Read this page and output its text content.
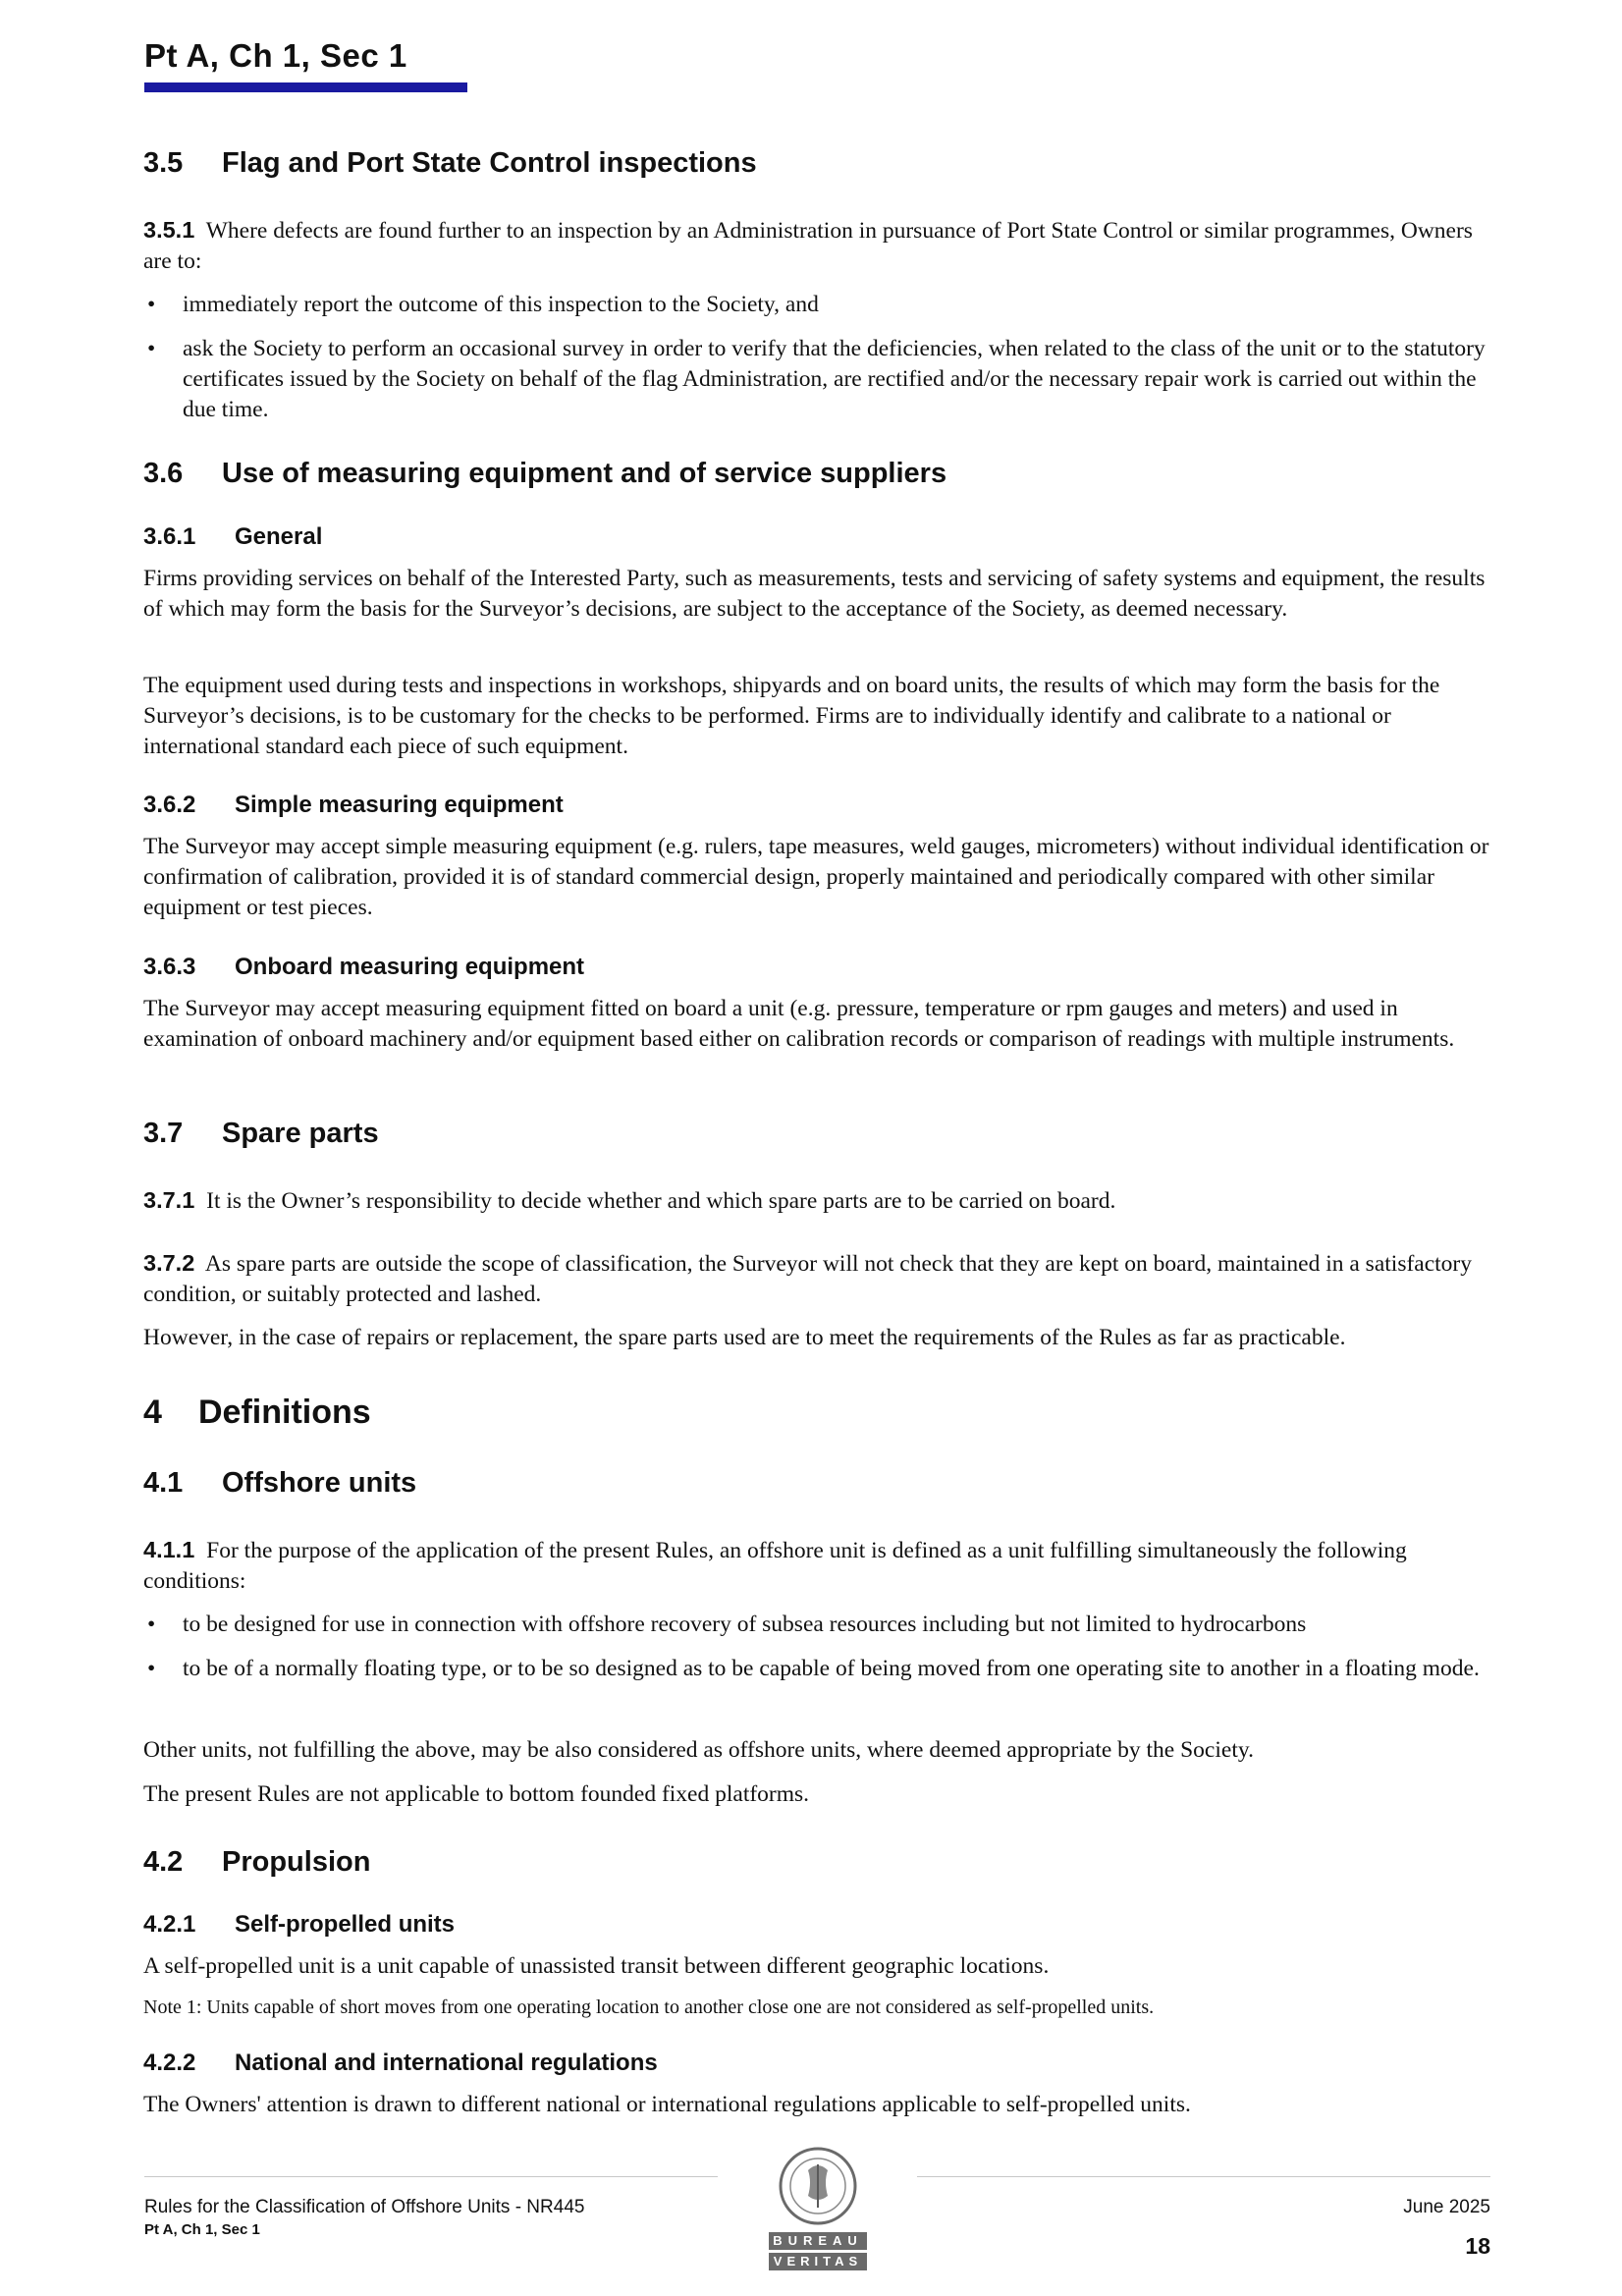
Pt A, Ch 1, Sec 1
3.5 Flag and Port State Control inspections
3.5.1 Where defects are found further to an inspection by an Administration in pursuance of Port State Control or similar programmes, Owners are to:
• immediately report the outcome of this inspection to the Society, and
• ask the Society to perform an occasional survey in order to verify that the deficiencies, when related to the class of the unit or to the statutory certificates issued by the Society on behalf of the flag Administration, are rectified and/or the necessary repair work is carried out within the due time.
3.6 Use of measuring equipment and of service suppliers
3.6.1 General
Firms providing services on behalf of the Interested Party, such as measurements, tests and servicing of safety systems and equipment, the results of which may form the basis for the Surveyor’s decisions, are subject to the acceptance of the Society, as deemed necessary.
The equipment used during tests and inspections in workshops, shipyards and on board units, the results of which may form the basis for the Surveyor’s decisions, is to be customary for the checks to be performed. Firms are to individually identify and calibrate to a national or international standard each piece of such equipment.
3.6.2 Simple measuring equipment
The Surveyor may accept simple measuring equipment (e.g. rulers, tape measures, weld gauges, micrometers) without individual identification or confirmation of calibration, provided it is of standard commercial design, properly maintained and periodically compared with other similar equipment or test pieces.
3.6.3 Onboard measuring equipment
The Surveyor may accept measuring equipment fitted on board a unit (e.g. pressure, temperature or rpm gauges and meters) and used in examination of onboard machinery and/or equipment based either on calibration records or comparison of readings with multiple instruments.
3.7 Spare parts
3.7.1 It is the Owner’s responsibility to decide whether and which spare parts are to be carried on board.
3.7.2 As spare parts are outside the scope of classification, the Surveyor will not check that they are kept on board, maintained in a satisfactory condition, or suitably protected and lashed.
However, in the case of repairs or replacement, the spare parts used are to meet the requirements of the Rules as far as practicable.
4 Definitions
4.1 Offshore units
4.1.1 For the purpose of the application of the present Rules, an offshore unit is defined as a unit fulfilling simultaneously the following conditions:
• to be designed for use in connection with offshore recovery of subsea resources including but not limited to hydrocarbons
• to be of a normally floating type, or to be so designed as to be capable of being moved from one operating site to another in a floating mode.
Other units, not fulfilling the above, may be also considered as offshore units, where deemed appropriate by the Society.
The present Rules are not applicable to bottom founded fixed platforms.
4.2 Propulsion
4.2.1 Self-propelled units
A self-propelled unit is a unit capable of unassisted transit between different geographic locations.
Note 1: Units capable of short moves from one operating location to another close one are not considered as self-propelled units.
4.2.2 National and international regulations
The Owners' attention is drawn to different national or international regulations applicable to self-propelled units.
BUREAU
VERITAS
Rules for the Classification of Offshore Units - NR445
Pt A, Ch 1, Sec 1
June 2025
18
